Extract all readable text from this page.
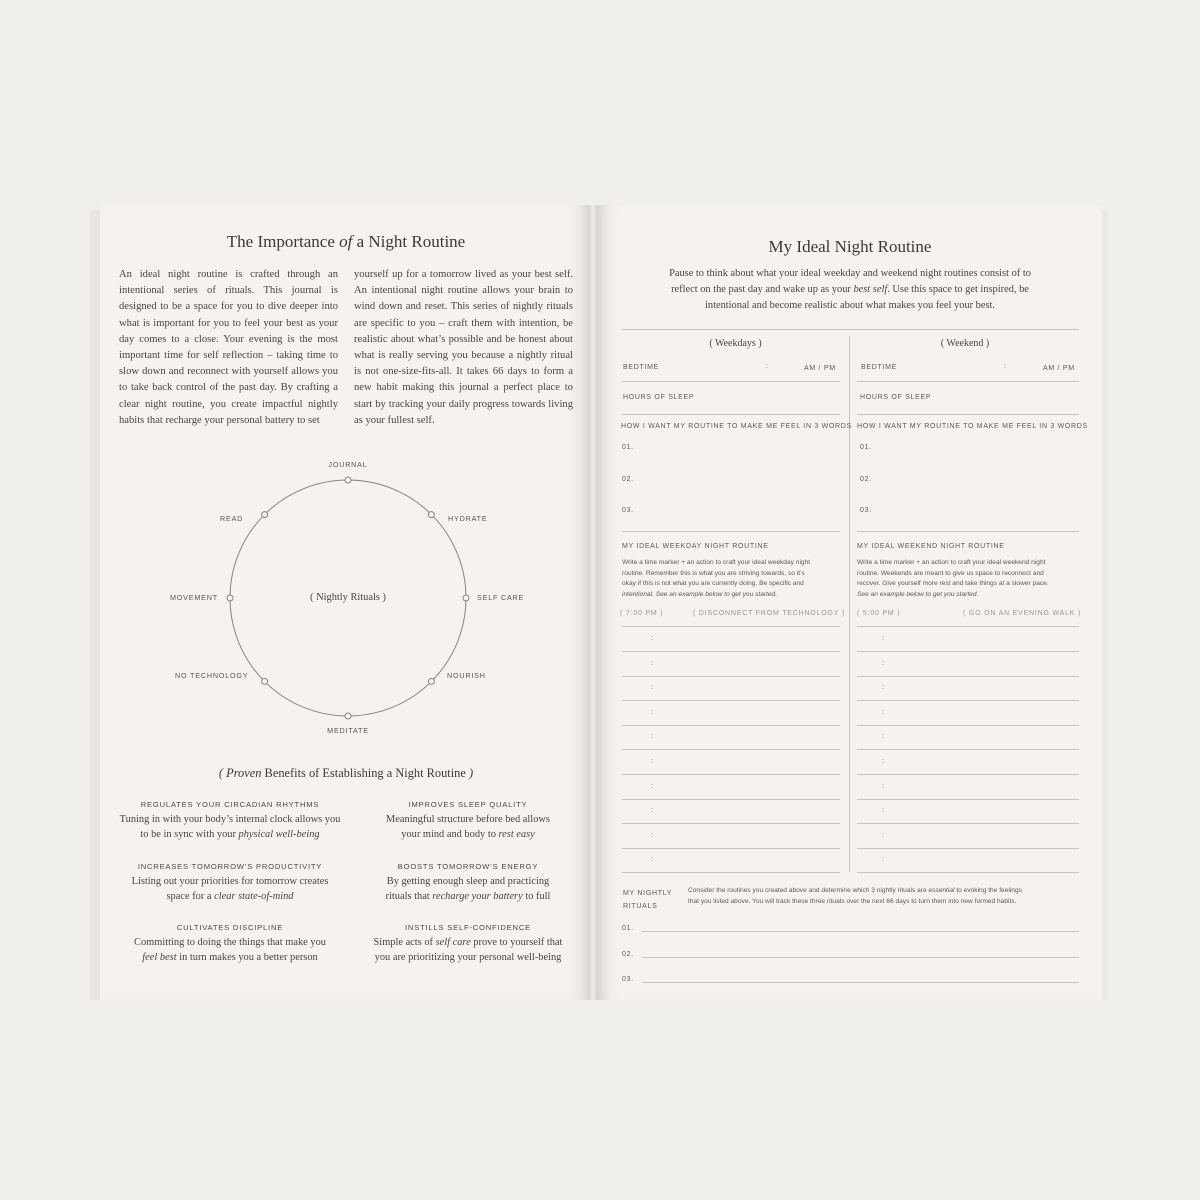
The Importance of a Night Routine
An ideal night routine is crafted through an intentional series of rituals. This journal is designed to be a space for you to dive deeper into what is important for you to feel your best as your day comes to a close. Your evening is the most important time for self reflection – taking time to slow down and reconnect with yourself allows you to take back control of the past day. By crafting a clear night routine, you create impactful nightly habits that recharge your personal battery to set
yourself up for a tomorrow lived as your best self. An intentional night routine allows your brain to wind down and reset. This series of nightly rituals are specific to you – craft them with intention, be realistic about what’s possible and be honest about what is really serving you because a nightly ritual is not one-size-fits-all. It takes 66 days to form a new habit making this journal a perfect place to start by tracking your daily progress towards living as your fullest self.
( Nightly Rituals )
JOURNAL
HYDRATE
SELF CARE
NOURISH
MEDITATE
NO TECHNOLOGY
MOVEMENT
READ
( Proven Benefits of Establishing a Night Routine )
REGULATES YOUR CIRCADIAN RHYTHMS
Tuning in with your body’s internal clock allows you
to be in sync with your physical well-being
IMPROVES SLEEP QUALITY
Meaningful structure before bed allows
your mind and body to rest easy
INCREASES TOMORROW’S PRODUCTIVITY
Listing out your priorities for tomorrow creates
space for a clear state-of-mind
BOOSTS TOMORROW’S ENERGY
By getting enough sleep and practicing
rituals that recharge your battery to full
CULTIVATES DISCIPLINE
Committing to doing the things that make you
feel best in turn makes you a better person
INSTILLS SELF-CONFIDENCE
Simple acts of self care prove to yourself that
you are prioritizing your personal well-being
My Ideal Night Routine
Pause to think about what your ideal weekday and weekend night routines consist of to
reflect on the past day and wake up as your best self. Use this space to get inspired, be
intentional and become realistic about what makes you feel your best.
( Weekdays )
BEDTIME	:	AM / PM
HOURS OF SLEEP
HOW I WANT MY ROUTINE TO MAKE ME FEEL IN 3 WORDS
01.
02.
03.
MY IDEAL WEEKDAY NIGHT ROUTINE
Write a time marker + an action to craft your ideal weekday night
routine. Remember this is what you are striving towards, so it’s
okay if this is not what you are currently doing. Be specific and
intentional. See an example below to get you started.
( 7:00 PM )	( DISCONNECT FROM TECHNOLOGY )
:
:
:
:
:
:
:
:
:
:
( Weekend )
BEDTIME	:	AM / PM
HOURS OF SLEEP
HOW I WANT MY ROUTINE TO MAKE ME FEEL IN 3 WORDS
01.
02.
03.
MY IDEAL WEEKEND NIGHT ROUTINE
Write a time marker + an action to craft your ideal weekend night
routine. Weekends are meant to give us space to reconnect and
recover. Give yourself more rest and take things at a slower pace.
See an example below to get you started.
( 5:00 PM )	( GO ON AN EVENING WALK )
:
:
:
:
:
:
:
:
:
:
MY NIGHTLY
RITUALS
Consider the routines you created above and determine which 3 nightly rituals are essential to evoking the feelings
that you listed above. You will track these three rituals over the next 66 days to turn them into new formed habits.
01.
02.
03.
